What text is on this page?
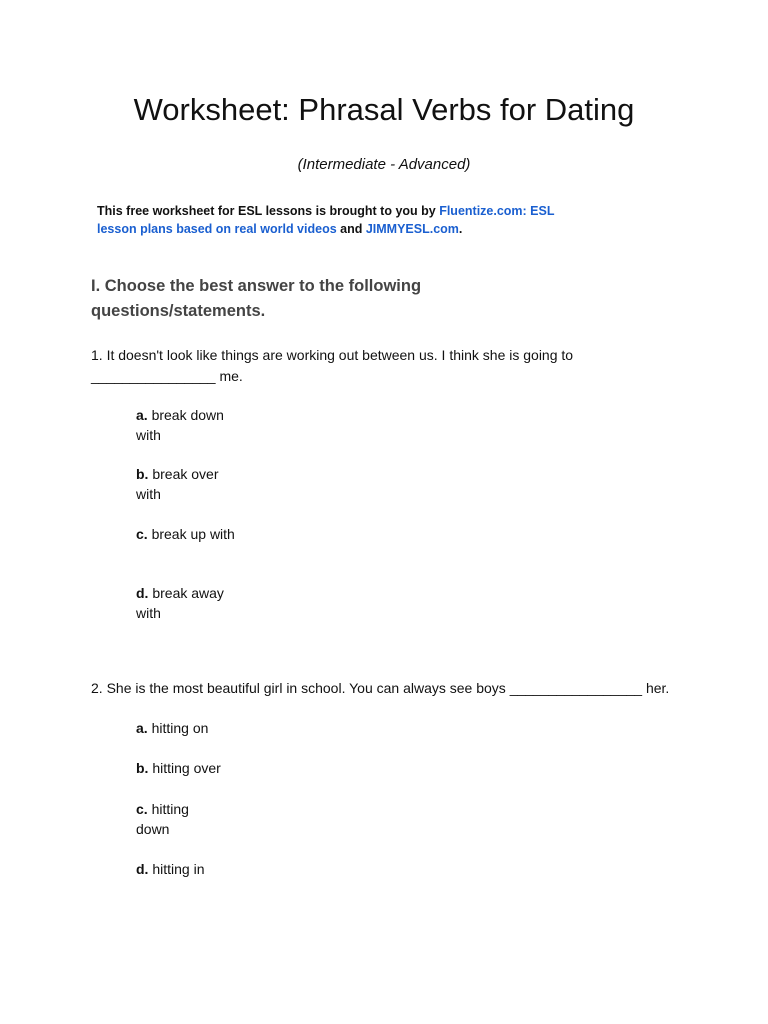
Worksheet: Phrasal Verbs for Dating
(Intermediate - Advanced)
This free worksheet for ESL lessons is brought to you by Fluentize.com: ESL lesson plans based on real world videos and JIMMYESL.com.
I. Choose the best answer to the following questions/statements.
1. It doesn't look like things are working out between us. I think she is going to ________________ me.
a. break down with
b. break over with
c. break up with
d. break away with
2. She is the most beautiful girl in school. You can always see boys _________________ her.
a. hitting on
b. hitting over
c. hitting down
d. hitting in
